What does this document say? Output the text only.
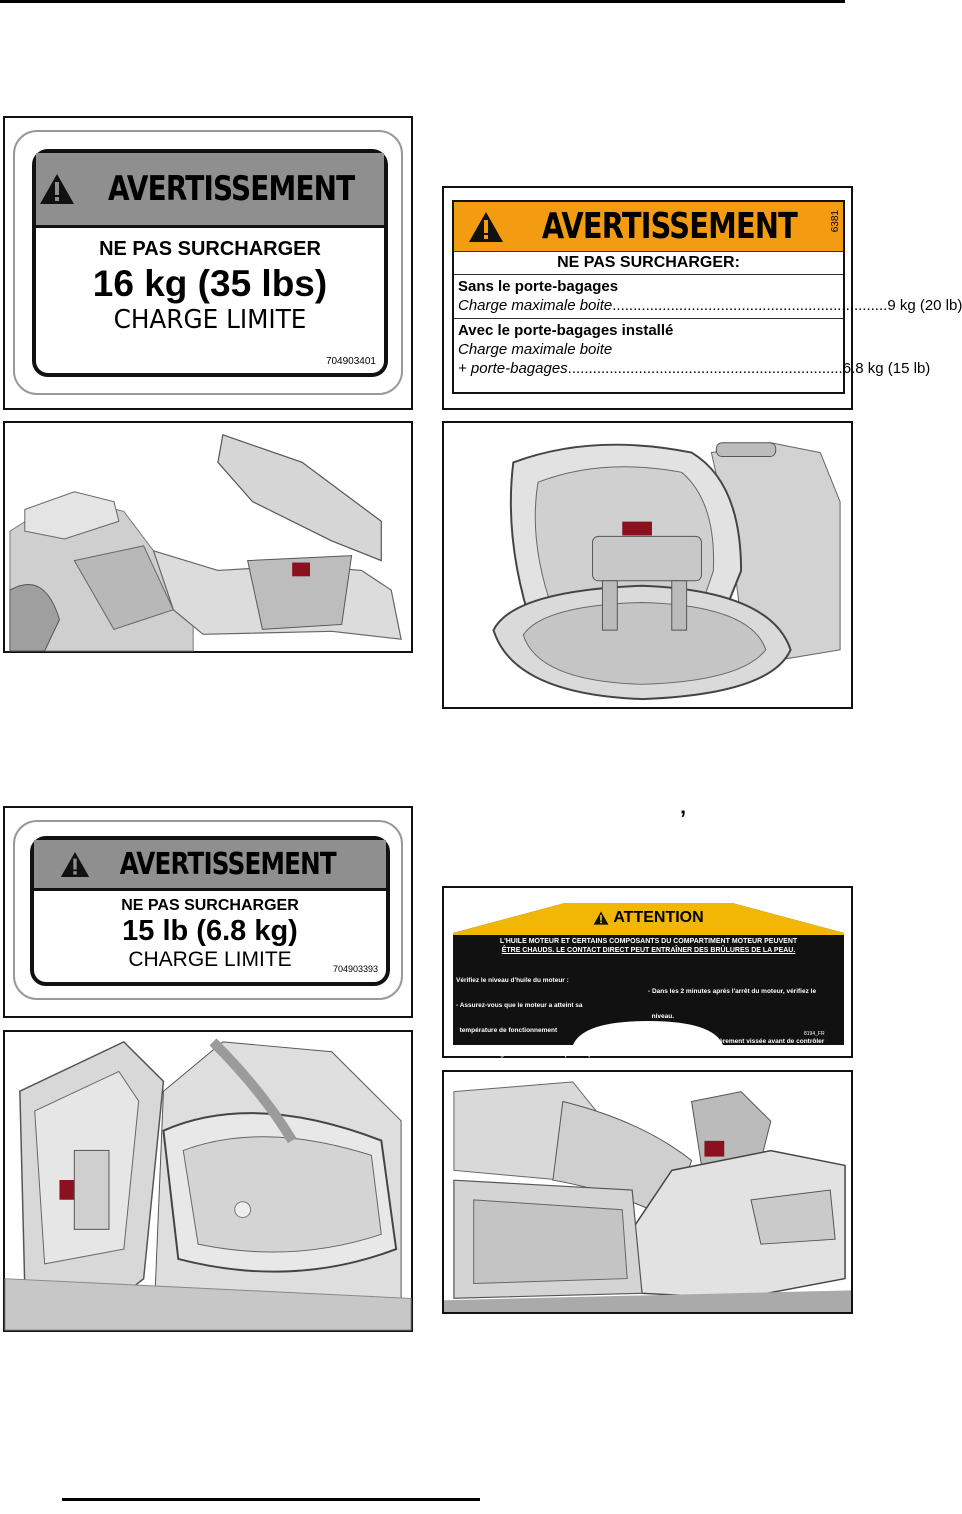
AVERTISSEMENT
NE PAS SURCHARGER
16 kg (35 lbs)
CHARGE LIMITE
704903401
AVERTISSEMENT	6381
NE PAS SURCHARGER:
Sans le porte-bagages
Charge maximale boite .................................................................. 9 kg (20 lb)
Avec le porte-bagages installé
Charge maximale boite
+ porte-bagages .................................................................. 6.8 kg (15 lb)
AVERTISSEMENT
NE PAS SURCHARGER
15 lb (6.8 kg)
CHARGE LIMITE	704903393
’
ATTENTION
L'HUILE MOTEUR ET CERTAINS COMPOSANTS DU COMPARTIMENT MOTEUR PEUVENT
ÊTRE CHAUDS. LE CONTACT DIRECT PEUT ENTRAÎNER DES BRÛLURES DE LA PEAU.

Vérifiez le niveau d'huile du moteur :

- Assurez-vous que le moteur a atteint sa

température de fonctionnement

- Consultez le guide de l'utilisateur pour la procédure.

- Dans les 2 minutes après l'arrêt du moteur, vérifiez le

niveau.

- La jauge doit être entièrement vissée avant de contrôler

le niveau d'huile.

8194_FR
